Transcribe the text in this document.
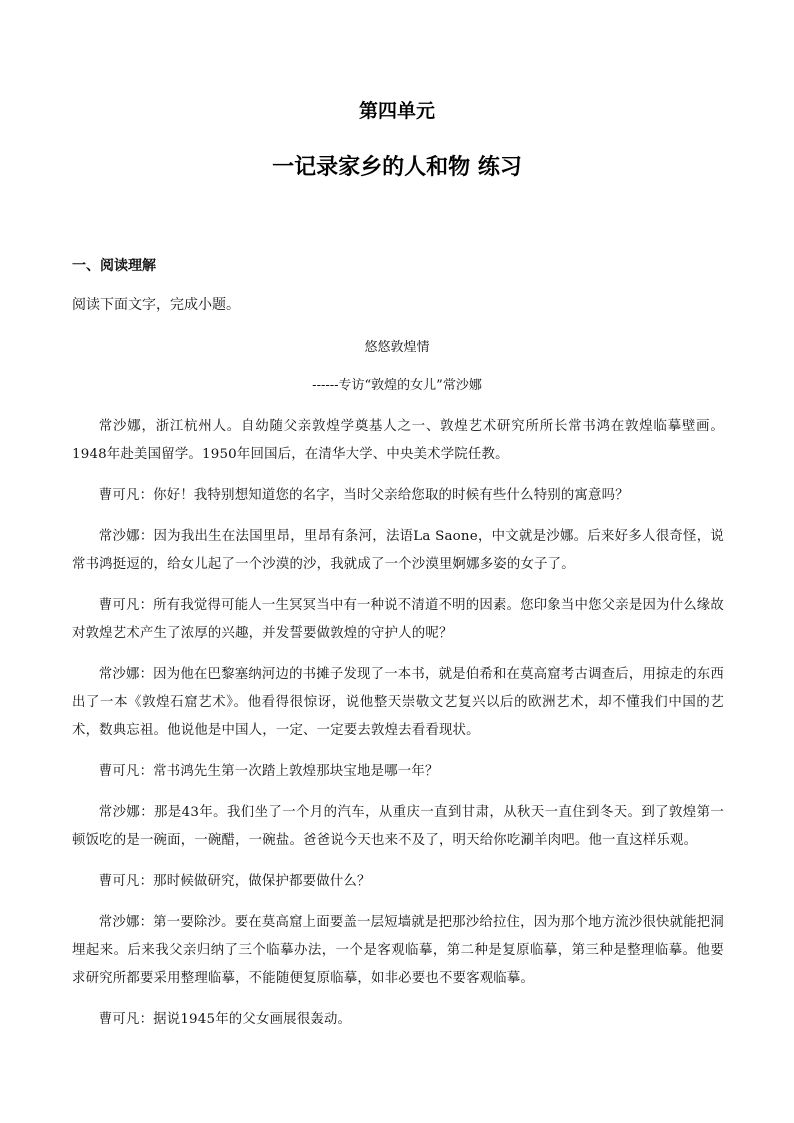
第四单元
一记录家乡的人和物 练习
一、阅读理解

阅读下面文字，完成小题。

悠悠敦煌情

------专访“敦煌的女儿”常沙娜

常沙娜，浙江杭州人。自幼随父亲敦煌学奠基人之一、敦煌艺术研究所所长常书鸿在敦煌临摹壁画。1948年赴美国留学。1950年回国后，在清华大学、中央美术学院任教。

曹可凡：你好！我特别想知道您的名字，当时父亲给您取的时候有些什么特别的寓意吗？

常沙娜：因为我出生在法国里昂，里昂有条河，法语La Saone，中文就是沙娜。后来好多人很奇怪，说常书鸿挺逗的，给女儿起了一个沙漠的沙，我就成了一个沙漠里婀娜多姿的女子了。

曹可凡：所有我觉得可能人一生冥冥当中有一种说不清道不明的因素。您印象当中您父亲是因为什么缘故对敦煌艺术产生了浓厚的兴趣，并发誓要做敦煌的守护人的呢？

常沙娜：因为他在巴黎塞纳河边的书摊子发现了一本书，就是伯希和在莫高窟考古调查后，用掠走的东西出了一本《敦煌石窟艺术》。他看得很惊讶，说他整天崇敬文艺复兴以后的欧洲艺术，却不懂我们中国的艺术，数典忘祖。他说他是中国人，一定、一定要去敦煌去看看现状。

曹可凡：常书鸿先生第一次踏上敦煌那块宝地是哪一年？

常沙娜：那是43年。我们坐了一个月的汽车，从重庆一直到甘肃，从秋天一直住到冬天。到了敦煌第一顿饭吃的是一碗面，一碗醋，一碗盐。爸爸说今天也来不及了，明天给你吃涮羊肉吧。他一直这样乐观。

曹可凡：那时候做研究，做保护都要做什么？

常沙娜：第一要除沙。要在莫高窟上面要盖一层短墙就是把那沙给拉住，因为那个地方流沙很快就能把洞埋起来。后来我父亲归纳了三个临摹办法，一个是客观临摹，第二种是复原临摹，第三种是整理临摹。他要求研究所都要采用整理临摹，不能随便复原临摹，如非必要也不要客观临摹。

曹可凡：据说1945年的父女画展很轰动。
